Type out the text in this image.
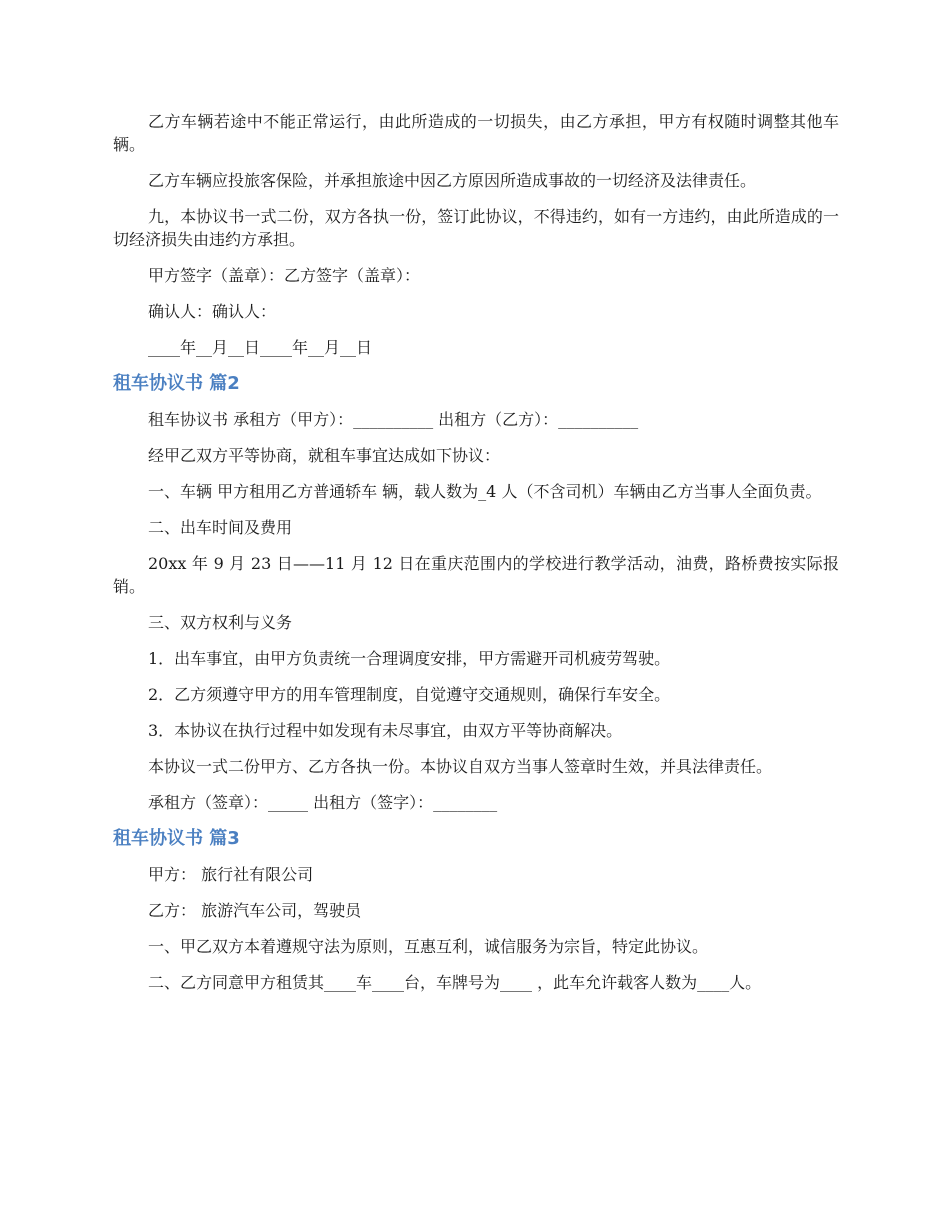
乙方车辆若途中不能正常运行，由此所造成的一切损失，由乙方承担，甲方有权随时调整其他车辆。

乙方车辆应投旅客保险，并承担旅途中因乙方原因所造成事故的一切经济及法律责任。

九，本协议书一式二份，双方各执一份，签订此协议，不得违约，如有一方违约，由此所造成的一切经济损失由违约方承担。

甲方签字（盖章）：乙方签字（盖章）：

确认人：确认人：

____年__月__日____年__月__日

租车协议书 篇2

租车协议书 承租方（甲方）：__________ 出租方（乙方）：__________

经甲乙双方平等协商，就租车事宜达成如下协议：

一、车辆 甲方租用乙方普通轿车 辆，载人数为_4 人（不含司机）车辆由乙方当事人全面负责。

二、出车时间及费用

20xx 年 9 月 23 日——11 月 12 日在重庆范围内的学校进行教学活动，油费，路桥费按实际报销。

三、双方权利与义务

1．出车事宜，由甲方负责统一合理调度安排，甲方需避开司机疲劳驾驶。

2．乙方须遵守甲方的用车管理制度，自觉遵守交通规则，确保行车安全。

3．本协议在执行过程中如发现有未尽事宜，由双方平等协商解决。

本协议一式二份甲方、乙方各执一份。本协议自双方当事人签章时生效，并具法律责任。

承租方（签章）：_____ 出租方（签字）：________

租车协议书 篇3

甲方： 旅行社有限公司

乙方： 旅游汽车公司，驾驶员

一、甲乙双方本着遵规守法为原则，互惠互利，诚信服务为宗旨，特定此协议。

二、乙方同意甲方租赁其____车____台，车牌号为____ ，此车允许载客人数为____人。
